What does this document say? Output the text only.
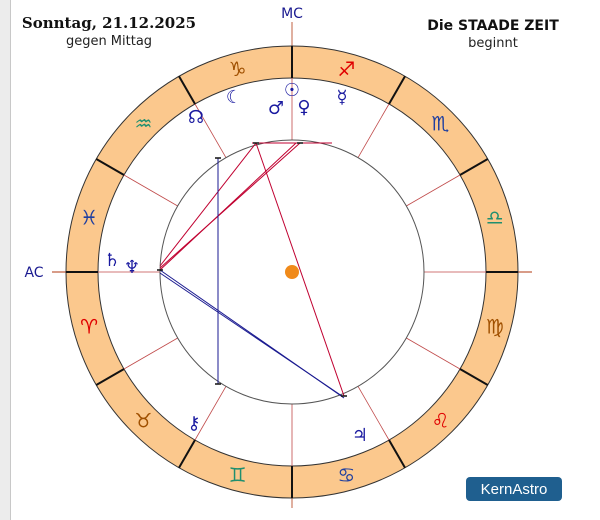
Sonntag, 21.12.2025
gegen Mittag
Die STAADE ZEIT
beginnt
♑	♐
♏
♎
♍
♌
♋
♊
♉
♈
♓
♒
☉
☾	☿
♀
♂
♃
♄ ♆
⚷
☊
MC
AC
KernAstro
